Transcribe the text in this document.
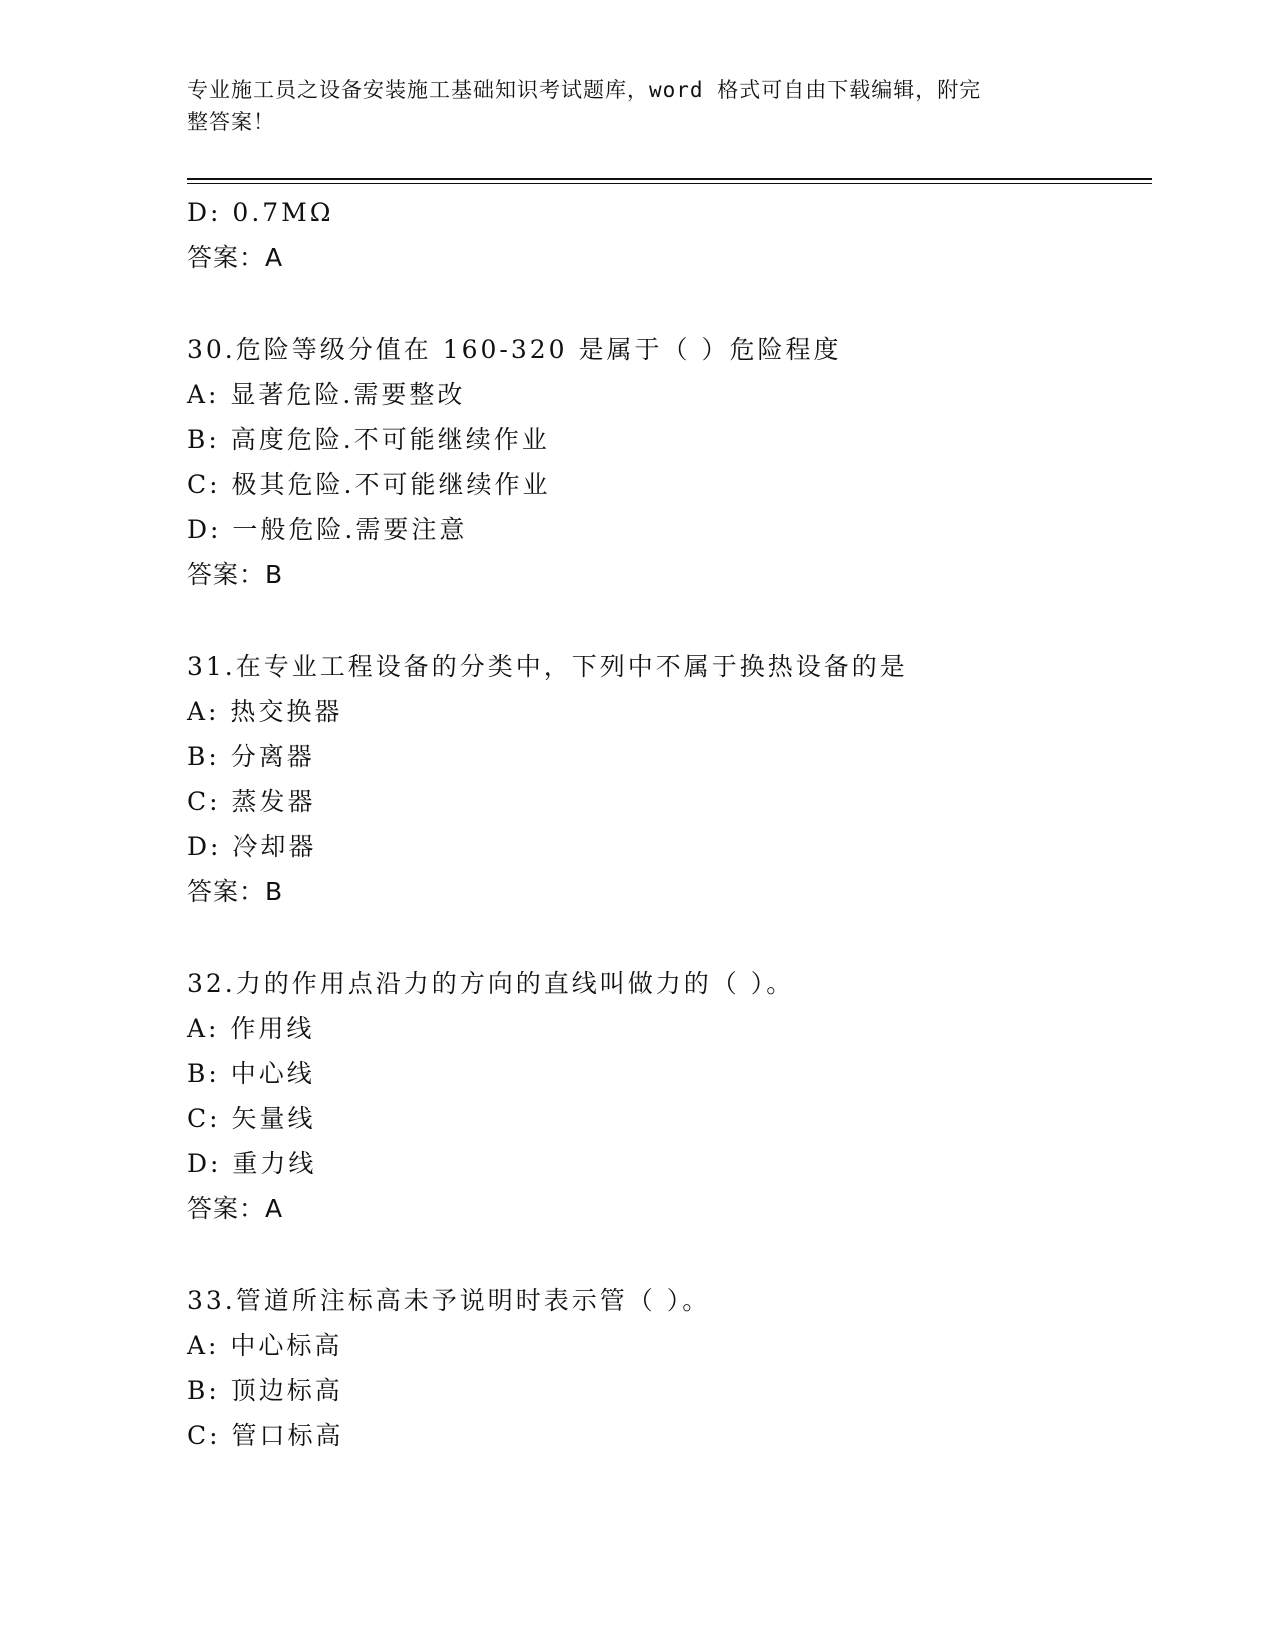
专业施工员之设备安装施工基础知识考试题库，word 格式可自由下载编辑，附完
整答案！
D: 0.7MΩ
答案：A
30.危险等级分值在 160-320 是属于（ ）危险程度
A: 显著危险.需要整改
B: 高度危险.不可能继续作业
C: 极其危险.不可能继续作业
D: 一般危险.需要注意
答案：B
31.在专业工程设备的分类中，下列中不属于换热设备的是
A: 热交换器
B: 分离器
C: 蒸发器
D: 冷却器
答案：B
32.力的作用点沿力的方向的直线叫做力的（ ）。
A: 作用线
B: 中心线
C: 矢量线
D: 重力线
答案：A
33.管道所注标高未予说明时表示管（ ）。
A: 中心标高
B: 顶边标高
C: 管口标高
